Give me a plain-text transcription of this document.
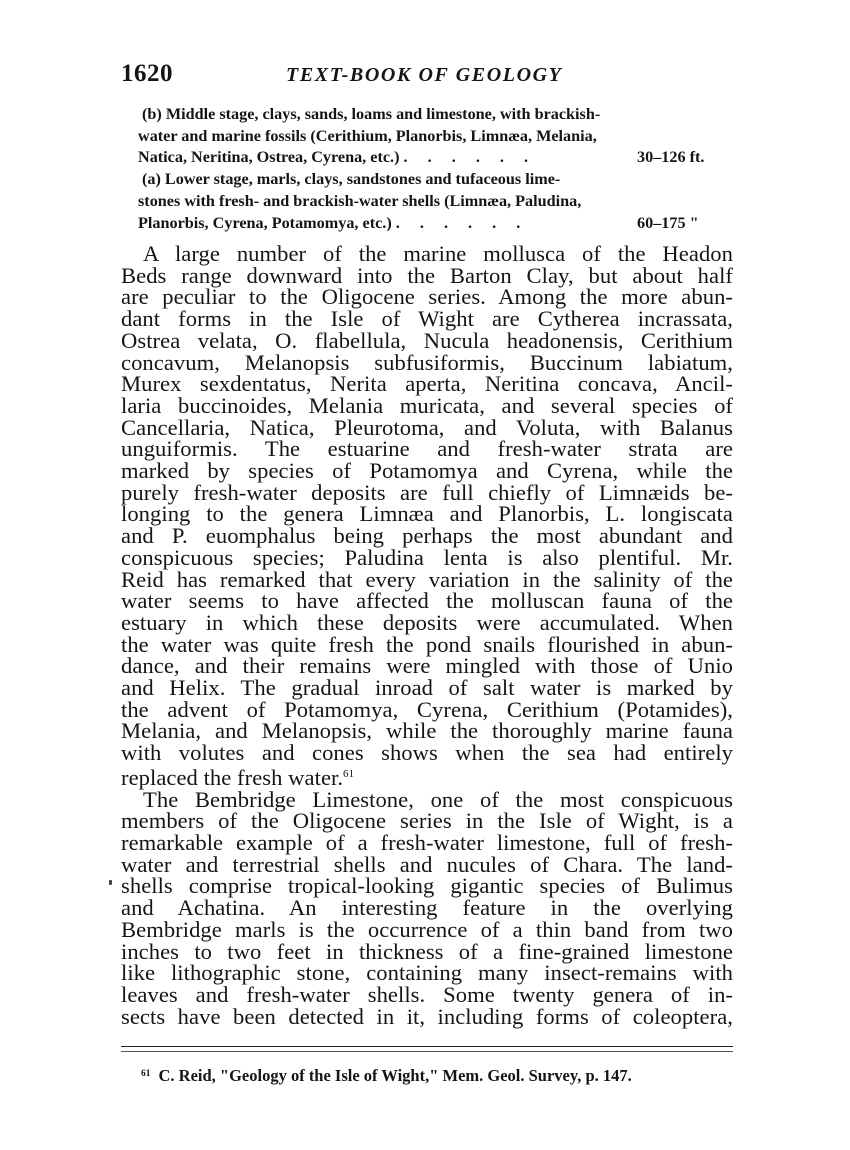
1620	TEXT-BOOK OF GEOLOGY
(b) Middle stage, clays, sands, loams and limestone, with brackish-
water and marine fossils (Cerithium, Planorbis, Limnæa, Melania,
Natica, Neritina, Ostrea, Cyrena, etc.) . . . . . .	30–126 ft.
(a) Lower stage, marls, clays, sandstones and tufaceous lime-
stones with fresh- and brackish-water shells (Limnæa, Paludina,
Planorbis, Cyrena, Potamomya, etc.) . . . . . .	60–175 "
A large number of the marine mollusca of the Headon
Beds range downward into the Barton Clay, but about half
are peculiar to the Oligocene series. Among the more abun-
dant forms in the Isle of Wight are Cytherea incrassata,
Ostrea velata, O. flabellula, Nucula headonensis, Cerithium
concavum, Melanopsis subfusiformis, Buccinum labiatum,
Murex sexdentatus, Nerita aperta, Neritina concava, Ancil-
laria buccinoides, Melania muricata, and several species of
Cancellaria, Natica, Pleurotoma, and Voluta, with Balanus
unguiformis. The estuarine and fresh-water strata are
marked by species of Potamomya and Cyrena, while the
purely fresh-water deposits are full chiefly of Limnæids be-
longing to the genera Limnæa and Planorbis, L. longiscata
and P. euomphalus being perhaps the most abundant and
conspicuous species; Paludina lenta is also plentiful. Mr.
Reid has remarked that every variation in the salinity of the
water seems to have affected the molluscan fauna of the
estuary in which these deposits were accumulated. When
the water was quite fresh the pond snails flourished in abun-
dance, and their remains were mingled with those of Unio
and Helix. The gradual inroad of salt water is marked by
the advent of Potamomya, Cyrena, Cerithium (Potamides),
Melania, and Melanopsis, while the thoroughly marine fauna
with volutes and cones shows when the sea had entirely
replaced the fresh water.$^{61}$
The Bembridge Limestone, one of the most conspicuous
members of the Oligocene series in the Isle of Wight, is a
remarkable example of a fresh-water limestone, full of fresh-
water and terrestrial shells and nucules of Chara. The land-
shells comprise tropical-looking gigantic species of Bulimus
and Achatina. An interesting feature in the overlying
Bembridge marls is the occurrence of a thin band from two
inches to two feet in thickness of a fine-grained limestone
like lithographic stone, containing many insect-remains with
leaves and fresh-water shells. Some twenty genera of in-
sects have been detected in it, including forms of coleoptera,
$^{61}$ C. Reid, "Geology of the Isle of Wight," Mem. Geol. Survey, p. 147.
